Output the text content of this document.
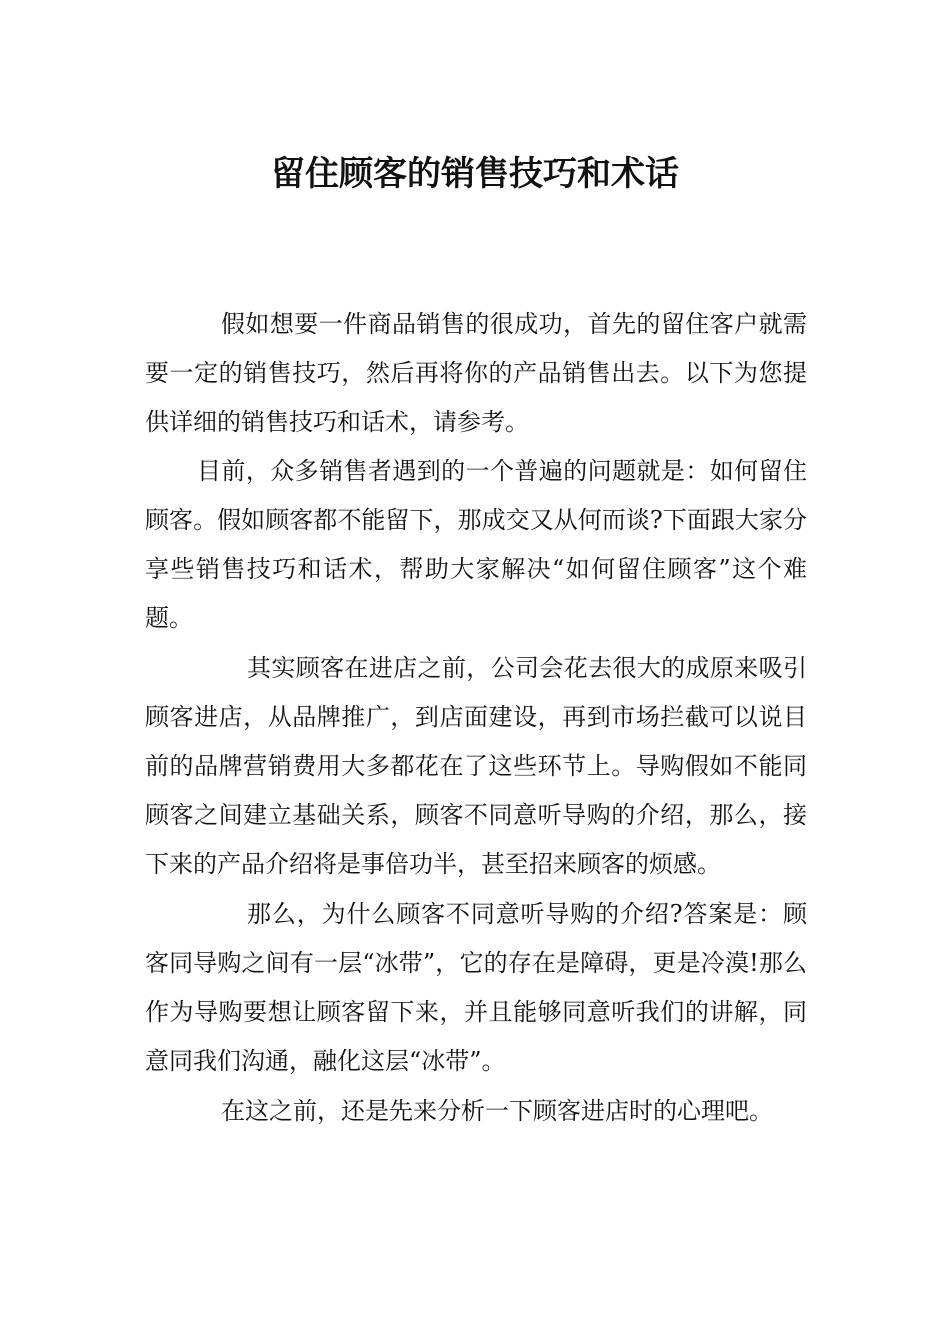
留住顾客的销售技巧和术话

假如想要一件商品销售的很成功，首先的留住客户就需要一定的销售技巧，然后再将你的产品销售出去。以下为您提供详细的销售技巧和话术，请参考。

目前，众多销售者遇到的一个普遍的问题就是：如何留住顾客。假如顾客都不能留下，那成交又从何而谈?下面跟大家分享些销售技巧和话术，帮助大家解决“如何留住顾客”这个难题。

其实顾客在进店之前，公司会花去很大的成原来吸引顾客进店，从品牌推广，到店面建设，再到市场拦截可以说目前的品牌营销费用大多都花在了这些环节上。导购假如不能同顾客之间建立基础关系，顾客不同意听导购的介绍，那么，接下来的产品介绍将是事倍功半，甚至招来顾客的烦感。

那么，为什么顾客不同意听导购的介绍?答案是：顾客同导购之间有一层“冰带”，它的存在是障碍，更是冷漠!那么作为导购要想让顾客留下来，并且能够同意听我们的讲解，同意同我们沟通，融化这层“冰带”。

在这之前，还是先来分析一下顾客进店时的心理吧。
